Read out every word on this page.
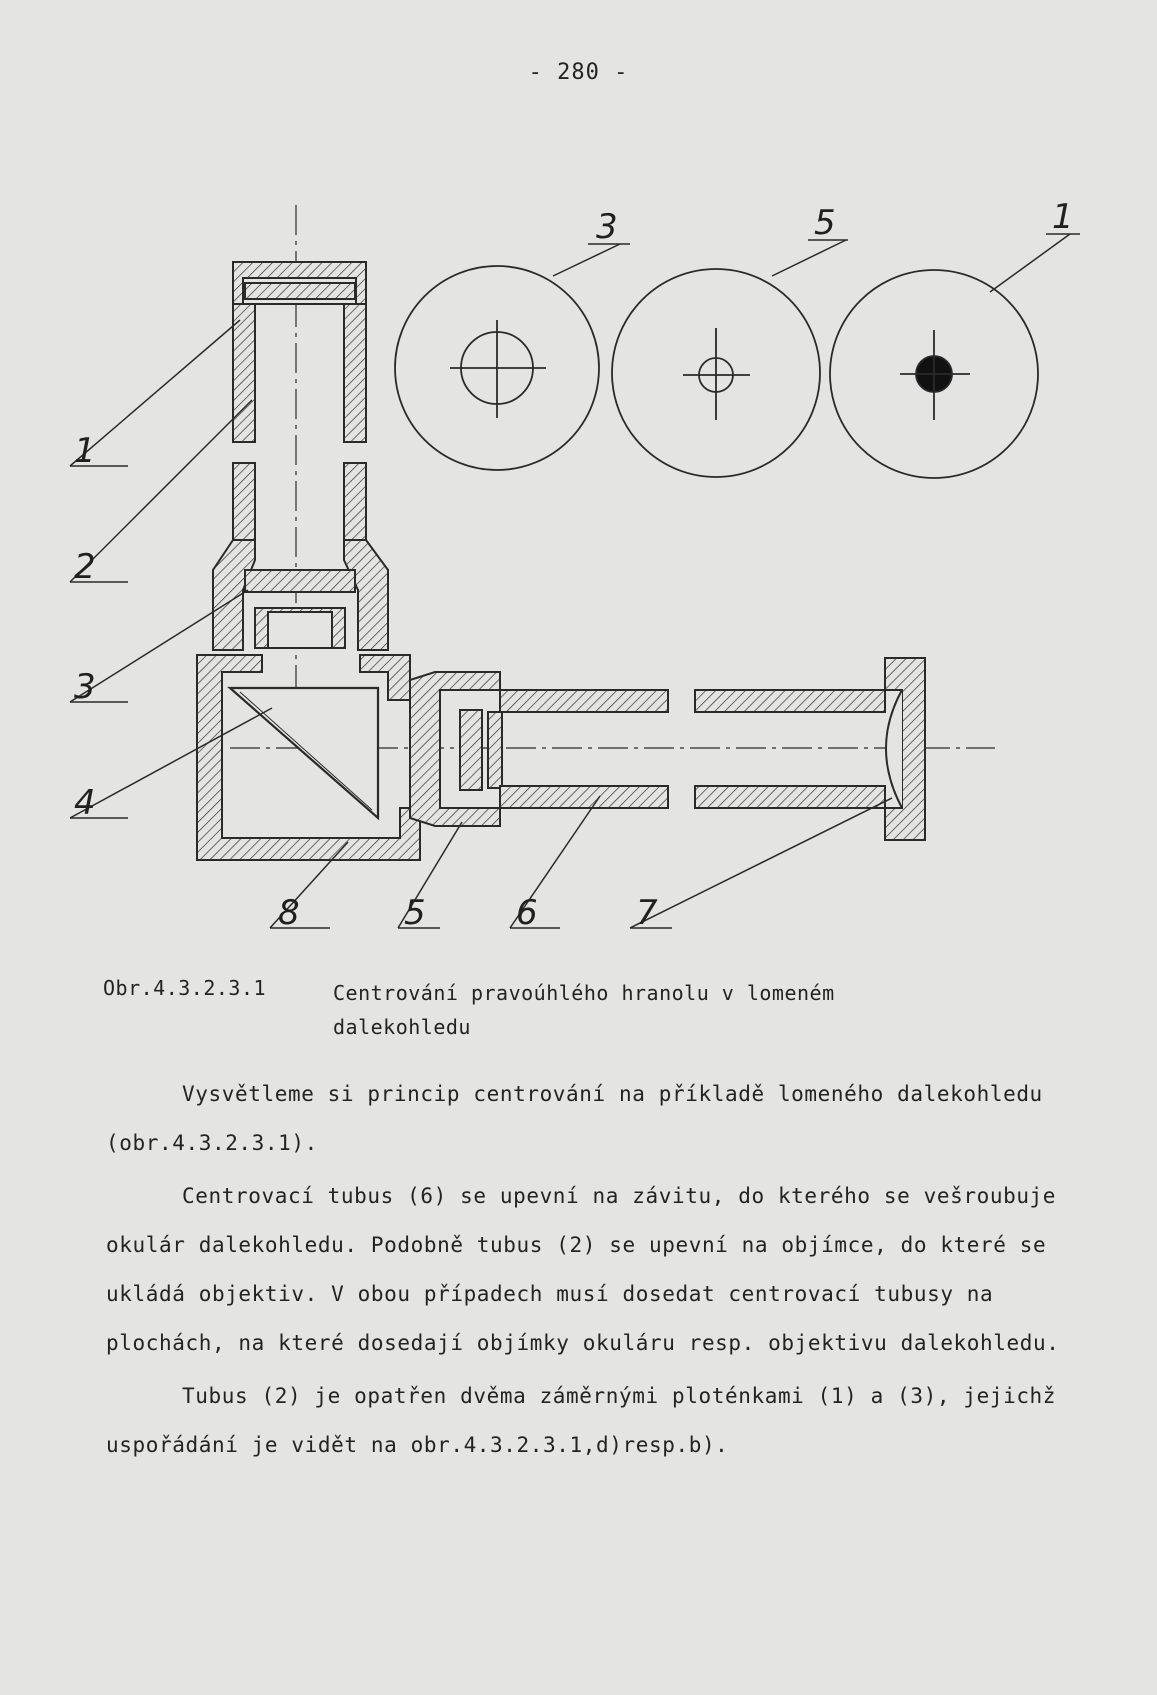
- 280 -
1
2
3
4
8	5	6	7
3	5	1
Obr.4.3.2.3.1	Centrování pravoúhlého hranolu v lomeném dalekohledu

Vysvětleme si princip centrování na příkladě lomeného dalekohledu (obr.4.3.2.3.1).

Centrovací tubus (6) se upevní na závitu, do kterého se vešroubuje okulár dalekohledu. Podobně tubus (2) se upevní na objímce, do které se ukládá objektiv. V obou případech musí dosedat centrovací tubusy na plochách, na které dosedají objímky okuláru resp. objektivu dalekohledu.

Tubus (2) je opatřen dvěma záměrnými ploténkami (1) a (3), jejichž uspořádání je vidět na obr.4.3.2.3.1,d)resp.b).
